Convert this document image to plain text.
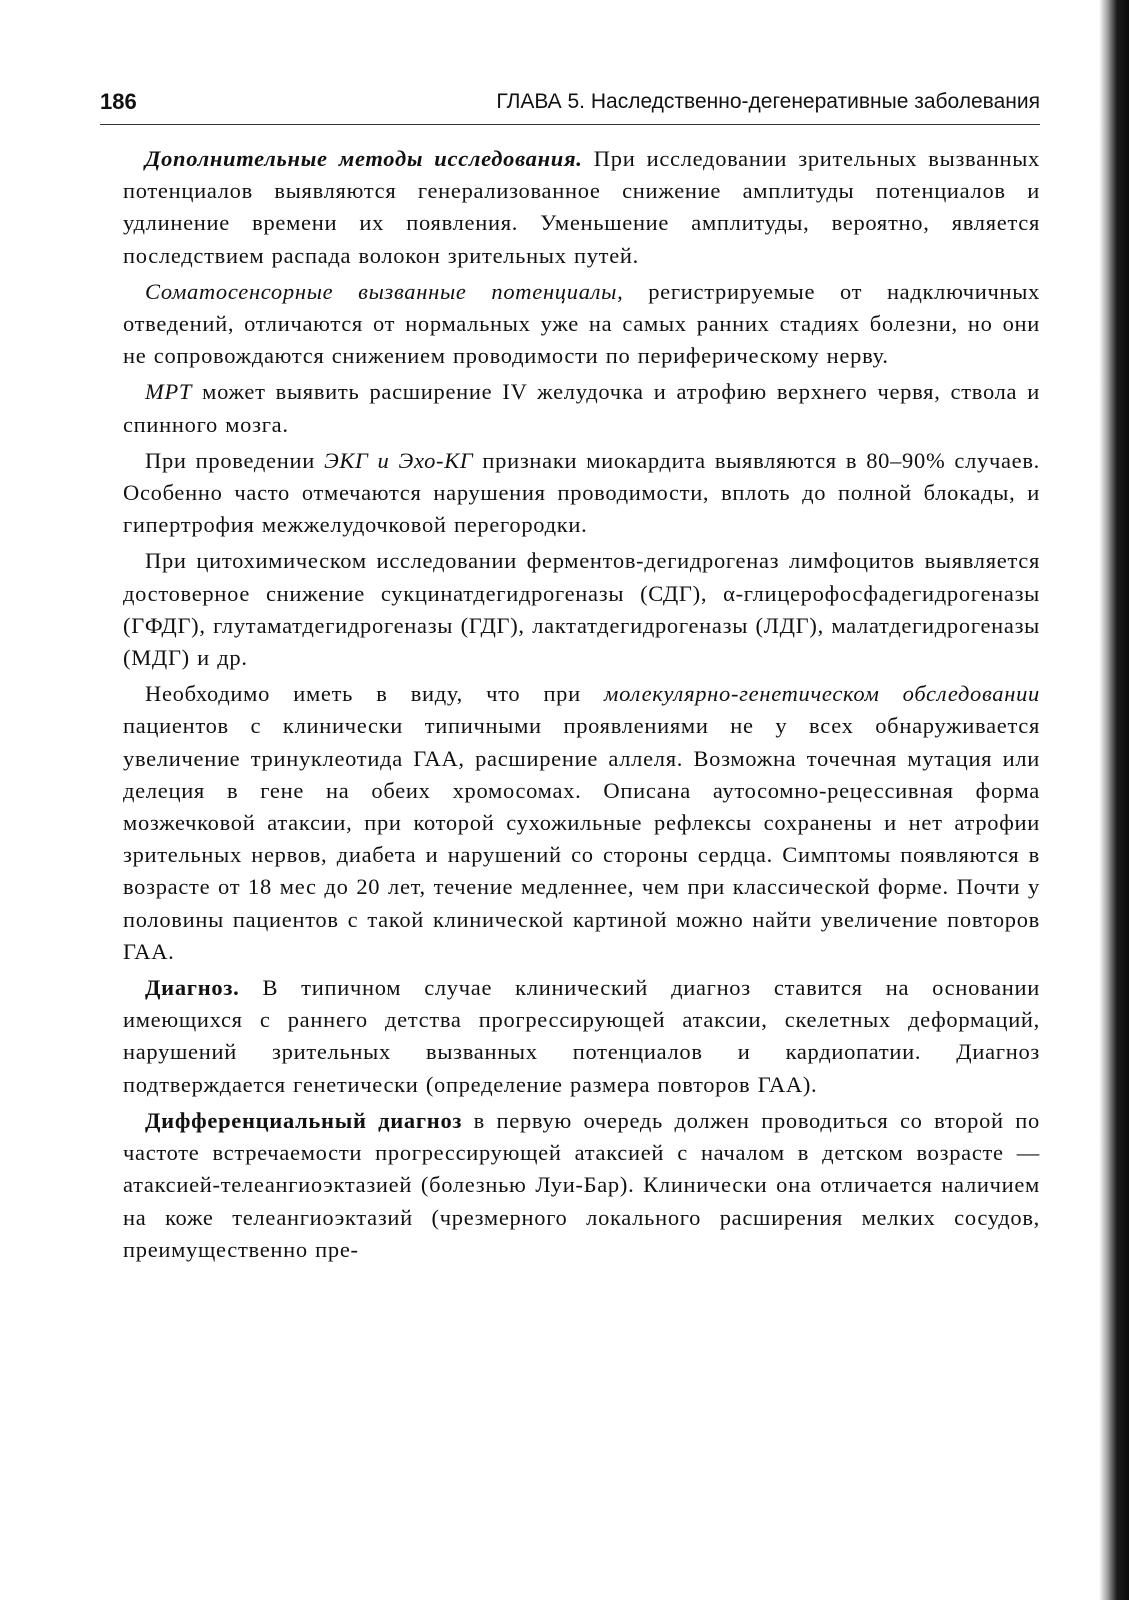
186	ГЛАВА 5. Наследственно-дегенеративные заболевания

Дополнительные методы исследования. При исследовании зрительных вызванных потенциалов выявляются генерализованное снижение амплитуды потенциалов и удлинение времени их появления. Уменьшение амплитуды, вероятно, является последствием распада волокон зрительных путей.

Соматосенсорные вызванные потенциалы, регистрируемые от надключичных отведений, отличаются от нормальных уже на самых ранних стадиях болезни, но они не сопровождаются снижением проводимости по периферическому нерву.

МРТ может выявить расширение IV желудочка и атрофию верхнего червя, ствола и спинного мозга.

При проведении ЭКГ и Эхо-КГ признаки миокардита выявляются в 80–90% случаев. Особенно часто отмечаются нарушения проводимости, вплоть до полной блокады, и гипертрофия межжелудочковой перегородки.

При цитохимическом исследовании ферментов-дегидрогеназ лимфоцитов выявляется достоверное снижение сукцинатдегидрогеназы (СДГ), α-глицерофосфадегидрогеназы (ГФДГ), глутаматдегидрогеназы (ГДГ), лактатдегидрогеназы (ЛДГ), малатдегидрогеназы (МДГ) и др.

Необходимо иметь в виду, что при молекулярно-генетическом обследовании пациентов с клинически типичными проявлениями не у всех обнаруживается увеличение тринуклеотида ГАА, расширение аллеля. Возможна точечная мутация или делеция в гене на обеих хромосомах. Описана аутосомно-рецессивная форма мозжечковой атаксии, при которой сухожильные рефлексы сохранены и нет атрофии зрительных нервов, диабета и нарушений со стороны сердца. Симптомы появляются в возрасте от 18 мес до 20 лет, течение медленнее, чем при классической форме. Почти у половины пациентов с такой клинической картиной можно найти увеличение повторов ГАА.

Диагноз. В типичном случае клинический диагноз ставится на основании имеющихся с раннего детства прогрессирующей атаксии, скелетных деформаций, нарушений зрительных вызванных потенциалов и кардиопатии. Диагноз подтверждается генетически (определение размера повторов ГАА).

Дифференциальный диагноз в первую очередь должен проводиться со второй по частоте встречаемости прогрессирующей атаксией с началом в детском возрасте — атаксией-телеангиоэктазией (болезнью Луи-Бар). Клинически она отличается наличием на коже телеангиоэктазий (чрезмерного локального расширения мелких сосудов, преимущественно пре-
